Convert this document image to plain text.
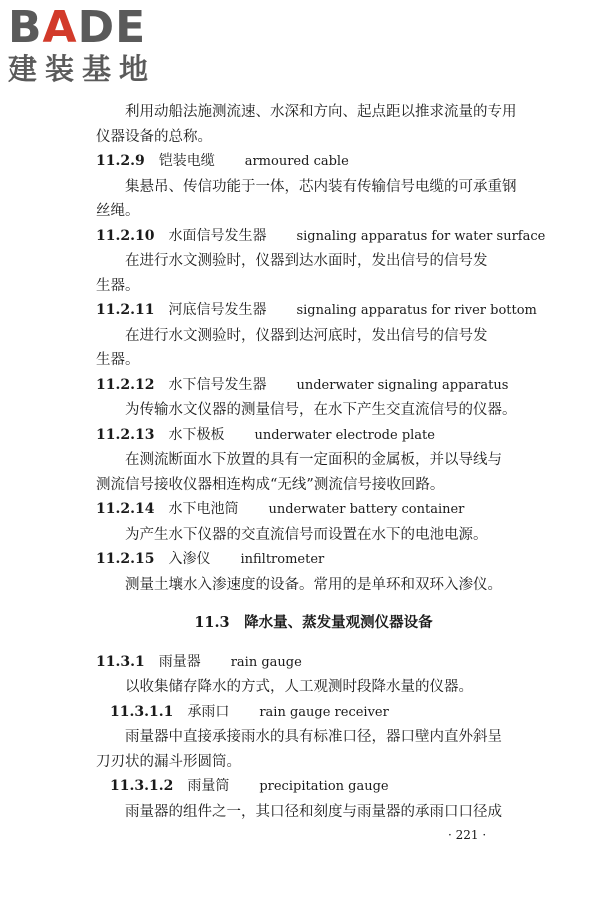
BADE
建装基地
利用动船法施测流速、水深和方向、起点距以推求流量的专用
仪器设备的总称。
11.2.9 铠装电缆 armoured cable
集悬吊、传信功能于一体，芯内装有传输信号电缆的可承重钢
丝绳。
11.2.10 水面信号发生器 signaling apparatus for water surface
在进行水文测验时，仪器到达水面时，发出信号的信号发
生器。
11.2.11 河底信号发生器 signaling apparatus for river bottom
在进行水文测验时，仪器到达河底时，发出信号的信号发
生器。
11.2.12 水下信号发生器 underwater signaling apparatus
为传输水文仪器的测量信号，在水下产生交直流信号的仪器。
11.2.13 水下极板 underwater electrode plate
在测流断面水下放置的具有一定面积的金属板，并以导线与
测流信号接收仪器相连构成“无线”测流信号接收回路。
11.2.14 水下电池筒 underwater battery container
为产生水下仪器的交直流信号而设置在水下的电池电源。
11.2.15 入渗仪 infiltrometer
测量土壤水入渗速度的设备。常用的是单环和双环入渗仪。
11.3　降水量、蒸发量观测仪器设备
11.3.1 雨量器 rain gauge
以收集储存降水的方式，人工观测时段降水量的仪器。
11.3.1.1 承雨口 rain gauge receiver
雨量器中直接承接雨水的具有标准口径，器口壁内直外斜呈
刀刃状的漏斗形圆筒。
11.3.1.2 雨量筒 precipitation gauge
雨量器的组件之一，其口径和刻度与雨量器的承雨口口径成
· 221 ·
